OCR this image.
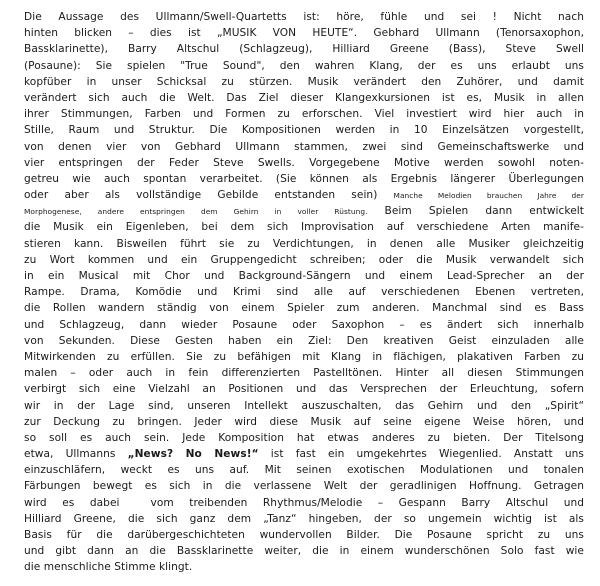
Die Aussage des Ullmann/Swell-Quartetts ist: höre, fühle und sei ! Nicht nach
hinten blicken – dies ist „MUSIK VON HEUTE“. Gebhard Ullmann (Tenorsaxophon,
Bassklarinette), Barry Altschul (Schlagzeug), Hilliard Greene (Bass), Steve Swell
(Posaune): Sie spielen "True Sound", den wahren Klang, der es uns erlaubt uns
kopfüber in unser Schicksal zu stürzen. Musik verändert den Zuhörer, und damit
verändert sich auch die Welt. Das Ziel dieser Klangexkursionen ist es, Musik in allen
ihrer Stimmungen, Farben und Formen zu erforschen. Viel investiert wird hier auch in
Stille, Raum und Struktur. Die Kompositionen werden in 10 Einzelsätzen vorgestellt,
von denen vier von Gebhard Ullmann stammen, zwei sind Gemeinschaftswerke und
vier entspringen der Feder Steve Swells. Vorgegebene Motive werden sowohl noten-
getreu wie auch spontan verarbeitet. (Sie können als Ergebnis längerer Überlegungen
oder aber als vollständige Gebilde entstanden sein) Manche Melodien brauchen Jahre der
Morphogenese, andere entspringen dem Gehirn in voller Rüstung. Beim Spielen dann entwickelt
die Musik ein Eigenleben, bei dem sich Improvisation auf verschiedene Arten manife-
stieren kann. Bisweilen führt sie zu Verdichtungen, in denen alle Musiker gleichzeitig
zu Wort kommen und ein Gruppengedicht schreiben; oder die Musik verwandelt sich
in ein Musical mit Chor und Background-Sängern und einem Lead-Sprecher an der
Rampe. Drama, Komödie und Krimi sind alle auf verschiedenen Ebenen vertreten,
die Rollen wandern ständig von einem Spieler zum anderen. Manchmal sind es Bass
und Schlagzeug, dann wieder Posaune oder Saxophon – es ändert sich innerhalb
von Sekunden. Diese Gesten haben ein Ziel: Den kreativen Geist einzuladen alle
Mitwirkenden zu erfüllen. Sie zu befähigen mit Klang in flächigen, plakativen Farben zu
malen – oder auch in fein differenzierten Pastelltönen. Hinter all diesen Stimmungen
verbirgt sich eine Vielzahl an Positionen und das Versprechen der Erleuchtung, sofern
wir in der Lage sind, unseren Intellekt auszuschalten, das Gehirn und den „Spirit“
zur Deckung zu bringen. Jeder wird diese Musik auf seine eigene Weise hören, und
so soll es auch sein. Jede Komposition hat etwas anderes zu bieten. Der Titelsong
etwa, Ullmanns „News? No News!“ ist fast ein umgekehrtes Wiegenlied. Anstatt uns
einzuschläfern, weckt es uns auf. Mit seinen exotischen Modulationen und tonalen
Färbungen bewegt es sich in die verlassene Welt der geradlinigen Hoffnung. Getragen
wird es dabei  vom treibenden Rhythmus/Melodie – Gespann Barry Altschul und
Hilliard Greene, die sich ganz dem „Tanz“ hingeben, der so ungemein wichtig ist als
Basis für die darübergeschichteten wundervollen Bilder. Die Posaune spricht zu uns
und gibt dann an die Bassklarinette weiter, die in einem wunderschönen Solo fast wie
die menschliche Stimme klingt.
